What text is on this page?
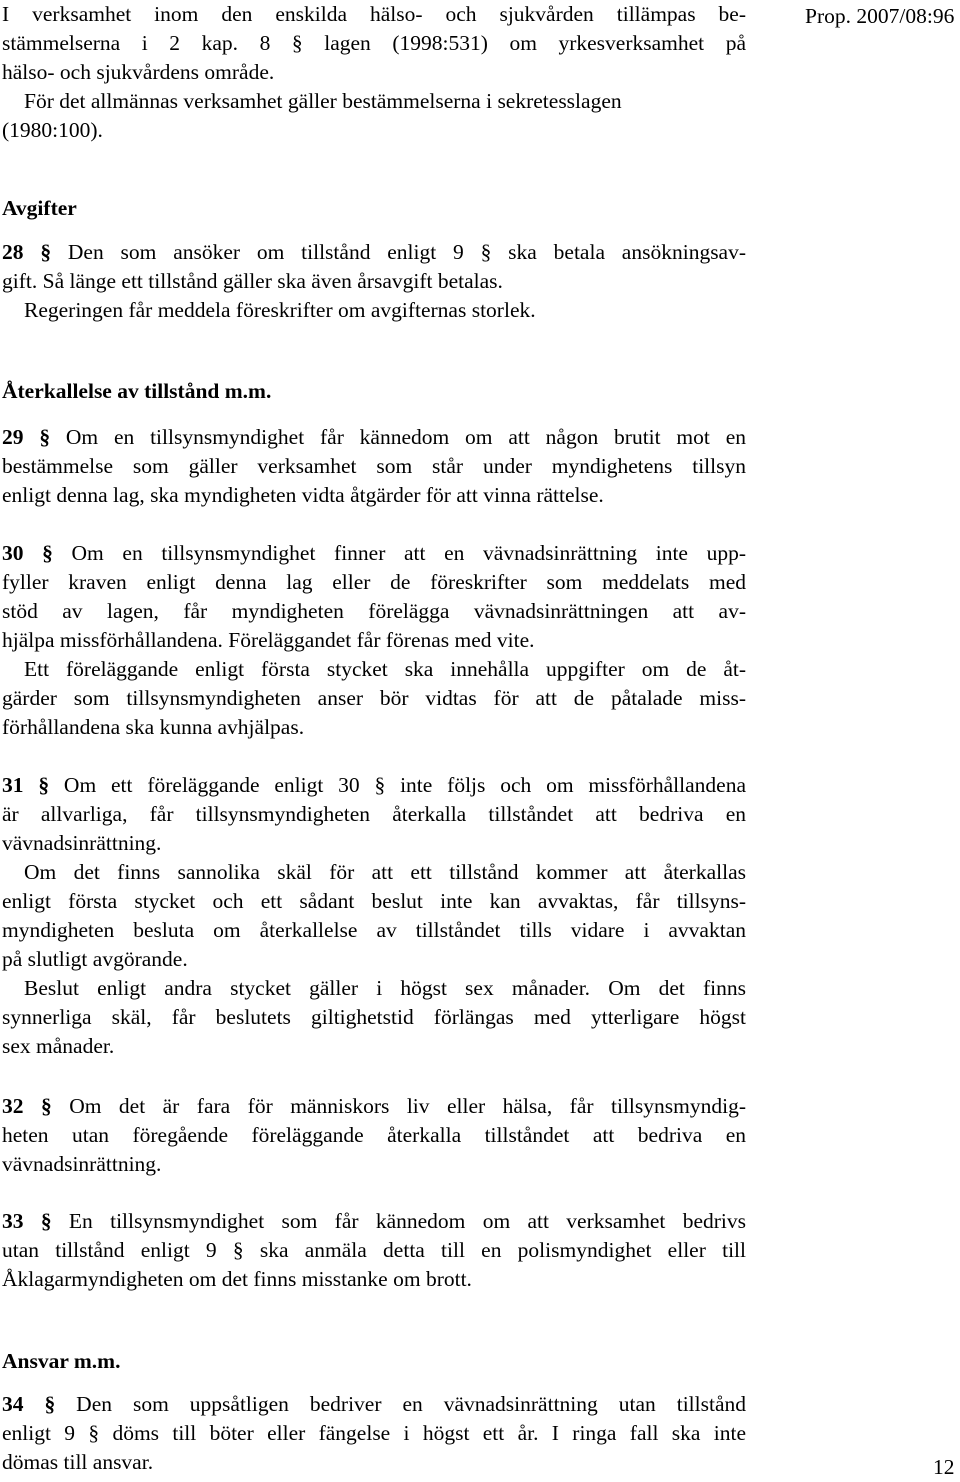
Prop. 2007/08:96
I verksamhet inom den enskilda hälso- och sjukvården tillämpas be-
stämmelserna i 2 kap. 8 § lagen (1998:531) om yrkesverksamhet på
hälso- och sjukvårdens område.
För det allmännas verksamhet gäller bestämmelserna i sekretesslagen
(1980:100).
Avgifter
28 § Den som ansöker om tillstånd enligt 9 § ska betala ansökningsav-
gift. Så länge ett tillstånd gäller ska även årsavgift betalas.
Regeringen får meddela föreskrifter om avgifternas storlek.
Återkallelse av tillstånd m.m.
29 § Om en tillsynsmyndighet får kännedom om att någon brutit mot en
bestämmelse som gäller verksamhet som står under myndighetens tillsyn
enligt denna lag, ska myndigheten vidta åtgärder för att vinna rättelse.
30 § Om en tillsynsmyndighet finner att en vävnadsinrättning inte upp-
fyller kraven enligt denna lag eller de föreskrifter som meddelats med
stöd av lagen, får myndigheten förelägga vävnadsinrättningen att av-
hjälpa missförhållandena. Föreläggandet får förenas med vite.
Ett föreläggande enligt första stycket ska innehålla uppgifter om de åt-
gärder som tillsynsmyndigheten anser bör vidtas för att de påtalade miss-
förhållandena ska kunna avhjälpas.
31 § Om ett föreläggande enligt 30 § inte följs och om missförhållandena
är allvarliga, får tillsynsmyndigheten återkalla tillståndet att bedriva en
vävnadsinrättning.
Om det finns sannolika skäl för att ett tillstånd kommer att återkallas
enligt första stycket och ett sådant beslut inte kan avvaktas, får tillsyns-
myndigheten besluta om återkallelse av tillståndet tills vidare i avvaktan
på slutligt avgörande.
Beslut enligt andra stycket gäller i högst sex månader. Om det finns
synnerliga skäl, får beslutets giltighetstid förlängas med ytterligare högst
sex månader.
32 § Om det är fara för människors liv eller hälsa, får tillsynsmyndig-
heten utan föregående föreläggande återkalla tillståndet att bedriva en
vävnadsinrättning.
33 § En tillsynsmyndighet som får kännedom om att verksamhet bedrivs
utan tillstånd enligt 9 § ska anmäla detta till en polismyndighet eller till
Åklagarmyndigheten om det finns misstanke om brott.
Ansvar m.m.
34 § Den som uppsåtligen bedriver en vävnadsinrättning utan tillstånd
enligt 9 § döms till böter eller fängelse i högst ett år. I ringa fall ska inte
dömas till ansvar.	12
